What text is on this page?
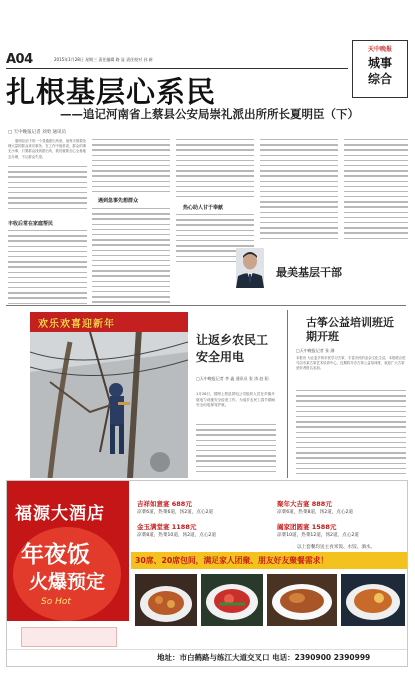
A04	2015年1月28日 星期三 责任编辑 路 显 责任校对 孙 新
天中晚报
城事
综合
扎根基层心系民
——追记河南省上蔡县公安局崇礼派出所所长夏明臣（下）
□ 天中晚报记者 刘勇 通讯员
夏明臣治下的一个普通派出所里，他每天都要处理大量的群众来访事务，在工作中他常说，群众的事无小事，只要群众找到派出所，我们就要全心全意地去办理，不让群众失望。
丰收后常在家庭帮民
遇到急事先想群众
热心助人甘于奉献
最美基层干部
欢乐欢喜迎新年
让返乡农民工安全用电
□天中晚报记者 李 鑫 通讯员 张 涛 赵 阳
1月26日，国网上蔡县供电公司组织人员在乡镇开展电力设施安全检查工作，为返乡农民工春节期间安全用电保驾护航。
古筝公益培训班近期开班
□天中晚报记者 张 淋
本报讯 为让更多的市民学习古筝，丰富市民的业余文化生活，本报联合驻马店市某古筝艺术培训中心，近期将开办古筝公益培训班，欢迎广大古筝爱好者报名参加。
福源大酒店
年夜饭
火爆预定
So Hot
吉祥如意宴 688元
凉菜6道，热菜6道，汤2道，点心2道
聚年大吉宴 888元
凉菜6道，热菜8道，汤2道，点心2道
金玉满堂宴 1188元
凉菜8道，热菜10道，汤2道，点心2道
阖家团圆宴 1588元
凉菜10道，热菜12道，汤2道，点心2道
以上套餐均送主食米饭、水饺、酒水。
30席、20席包间，满足家人团聚、朋友好友聚餐需求！
地址：市白鹤路与练江大道交叉口 电话：2390900 2390999
